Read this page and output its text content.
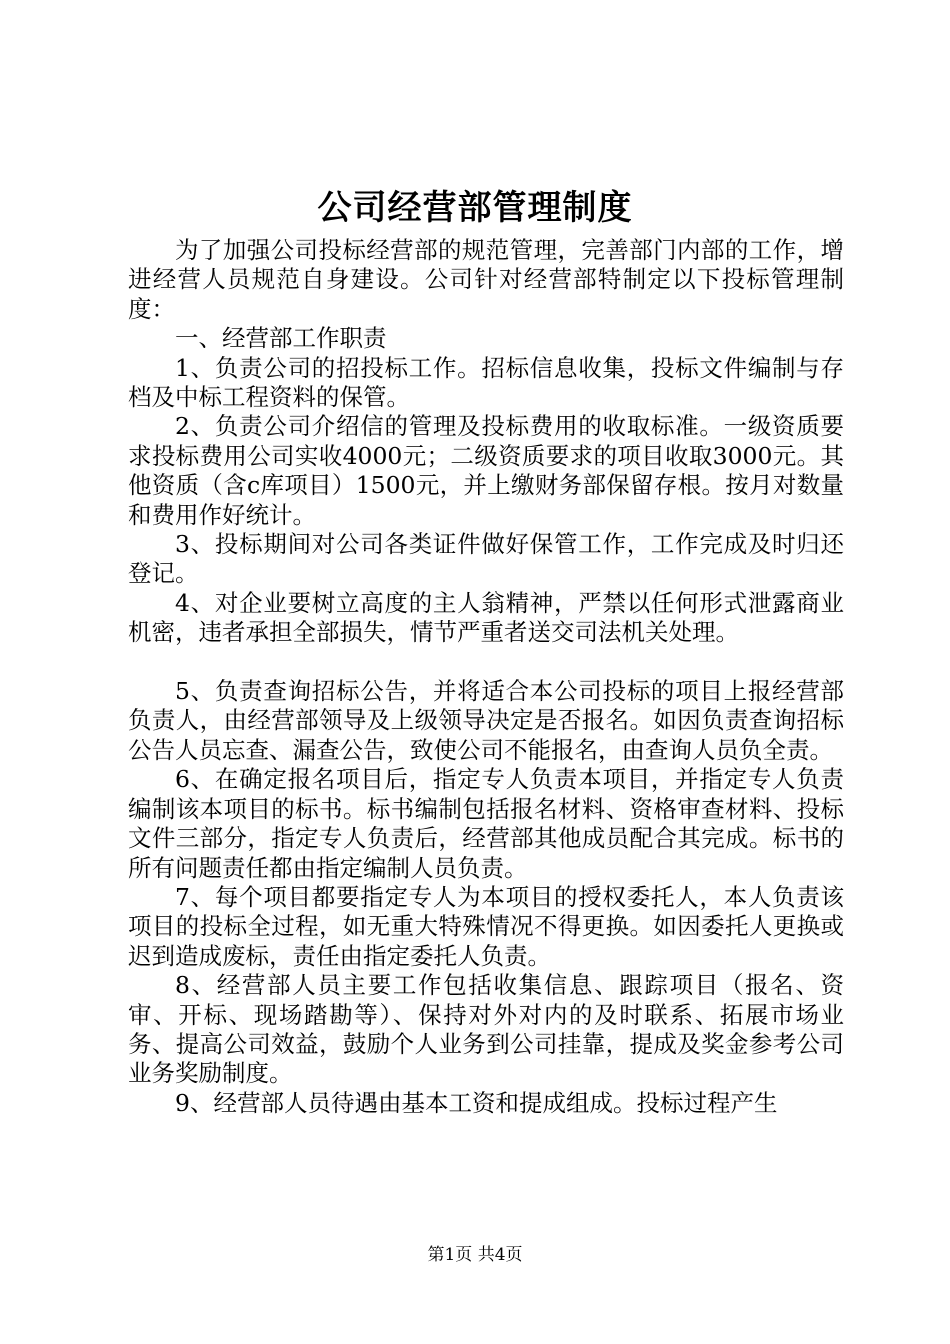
公司经营部管理制度

为了加强公司投标经营部的规范管理，完善部门内部的工作，增进经营人员规范自身建设。公司针对经营部特制定以下投标管理制度：

一、经营部工作职责

1、负责公司的招投标工作。招标信息收集，投标文件编制与存档及中标工程资料的保管。

2、负责公司介绍信的管理及投标费用的收取标准。一级资质要求投标费用公司实收4000元；二级资质要求的项目收取3000元。其他资质（含c库项目）1500元，并上缴财务部保留存根。按月对数量和费用作好统计。

3、投标期间对公司各类证件做好保管工作，工作完成及时归还登记。

4、对企业要树立高度的主人翁精神，严禁以任何形式泄露商业机密，违者承担全部损失，情节严重者送交司法机关处理。

5、负责查询招标公告，并将适合本公司投标的项目上报经营部负责人，由经营部领导及上级领导决定是否报名。如因负责查询招标公告人员忘查、漏查公告，致使公司不能报名，由查询人员负全责。

6、在确定报名项目后，指定专人负责本项目，并指定专人负责编制该本项目的标书。标书编制包括报名材料、资格审查材料、投标文件三部分，指定专人负责后，经营部其他成员配合其完成。标书的所有问题责任都由指定编制人员负责。

7、每个项目都要指定专人为本项目的授权委托人，本人负责该项目的投标全过程，如无重大特殊情况不得更换。如因委托人更换或迟到造成废标，责任由指定委托人负责。

8、经营部人员主要工作包括收集信息、跟踪项目（报名、资审、开标、现场踏勘等）、保持对外对内的及时联系、拓展市场业务、提高公司效益，鼓励个人业务到公司挂靠，提成及奖金参考公司业务奖励制度。

9、经营部人员待遇由基本工资和提成组成。投标过程产生

第1页 共4页
